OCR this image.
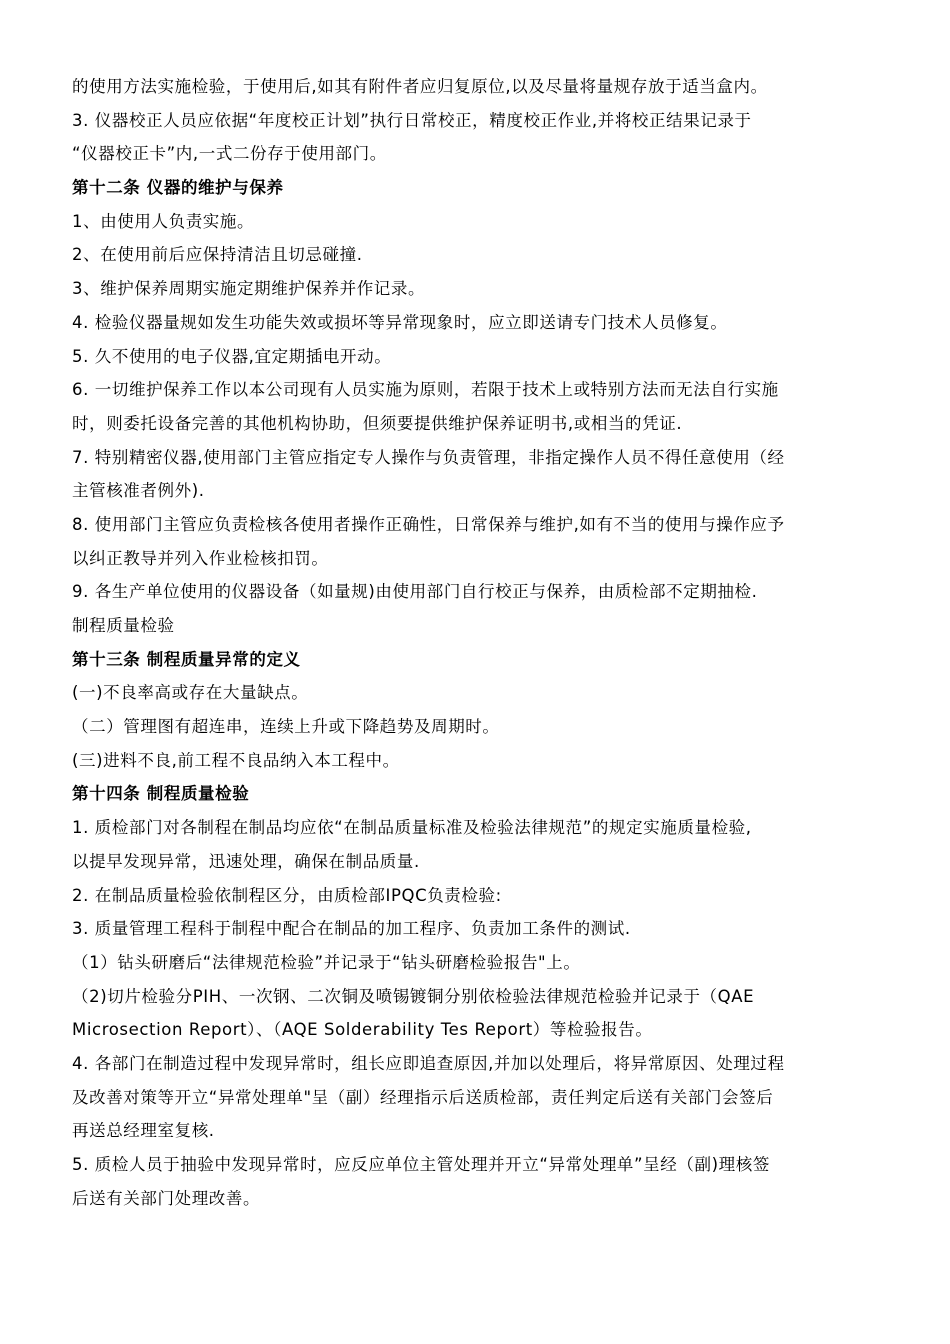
的使用方法实施检验，于使用后,如其有附件者应归复原位,以及尽量将量规存放于适当盒内。
3. 仪器校正人员应依据“年度校正计划”执行日常校正，精度校正作业,并将校正结果记录于
“仪器校正卡”内,一式二份存于使用部门。
第十二条 仪器的维护与保养
1、由使用人负责实施。
2、在使用前后应保持清洁且切忌碰撞.
3、维护保养周期实施定期维护保养并作记录。
4. 检验仪器量规如发生功能失效或损坏等异常现象时，应立即送请专门技术人员修复。
5. 久不使用的电子仪器,宜定期插电开动。
6. 一切维护保养工作以本公司现有人员实施为原则，若限于技术上或特别方法而无法自行实施
时，则委托设备完善的其他机构协助，但须要提供维护保养证明书,或相当的凭证.
7. 特别精密仪器,使用部门主管应指定专人操作与负责管理，非指定操作人员不得任意使用（经
主管核准者例外).
8. 使用部门主管应负责检核各使用者操作正确性，日常保养与维护,如有不当的使用与操作应予
以纠正教导并列入作业检核扣罚。
9. 各生产单位使用的仪器设备（如量规)由使用部门自行校正与保养，由质检部不定期抽检.
制程质量检验
第十三条 制程质量异常的定义
(一)不良率高或存在大量缺点。
（二）管理图有超连串，连续上升或下降趋势及周期时。
(三)进料不良,前工程不良品纳入本工程中。
第十四条 制程质量检验
1. 质检部门对各制程在制品均应依“在制品质量标准及检验法律规范”的规定实施质量检验,
以提早发现异常，迅速处理，确保在制品质量.
2. 在制品质量检验依制程区分，由质检部IPQC负责检验:
3. 质量管理工程科于制程中配合在制品的加工程序、负责加工条件的测试.
（1）钻头研磨后“法律规范检验”并记录于“钻头研磨检验报告"上。
（2)切片检验分PIH、一次钢、二次铜及喷锡镀铜分别依检验法律规范检验并记录于（QAE
Microsection Report）、（AQE Solderability Tes Report）等检验报告。
4. 各部门在制造过程中发现异常时，组长应即追查原因,并加以处理后，将异常原因、处理过程
及改善对策等开立“异常处理单"呈（副）经理指示后送质检部，责任判定后送有关部门会签后
再送总经理室复核.
5. 质检人员于抽验中发现异常时，应反应单位主管处理并开立“异常处理单”呈经（副)理核签
后送有关部门处理改善。
